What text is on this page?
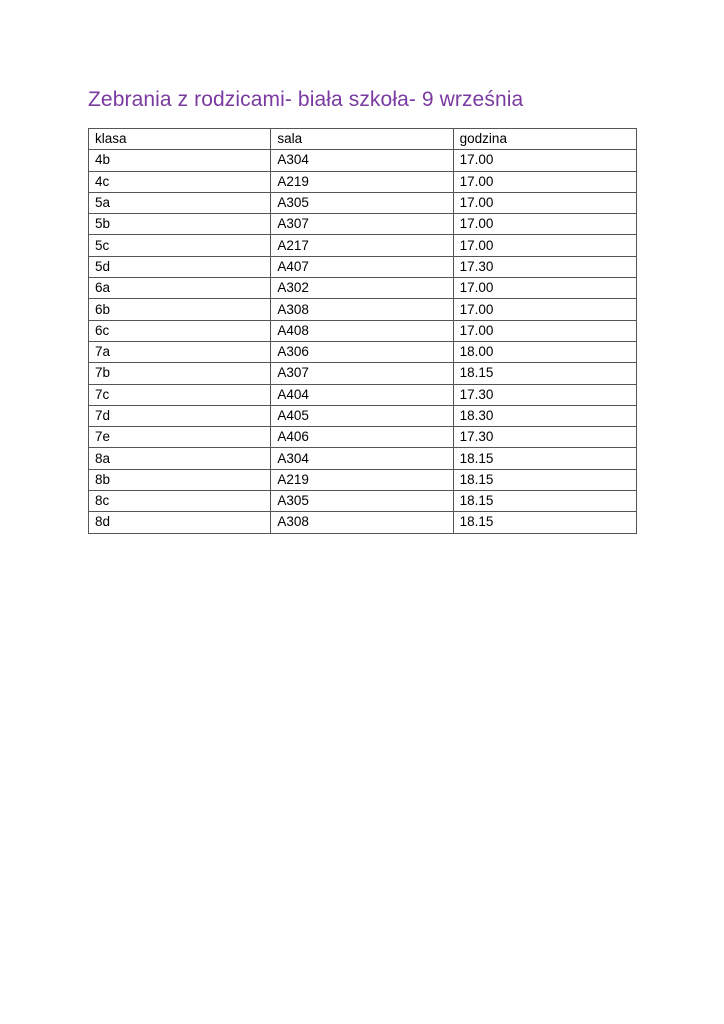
Zebrania z rodzicami- biała szkoła- 9 września
klasa	sala	godzina
4b	A304	17.00
4c	A219	17.00
5a	A305	17.00
5b	A307	17.00
5c	A217	17.00
5d	A407	17.30
6a	A302	17.00
6b	A308	17.00
6c	A408	17.00
7a	A306	18.00
7b	A307	18.15
7c	A404	17.30
7d	A405	18.30
7e	A406	17.30
8a	A304	18.15
8b	A219	18.15
8c	A305	18.15
8d	A308	18.15
